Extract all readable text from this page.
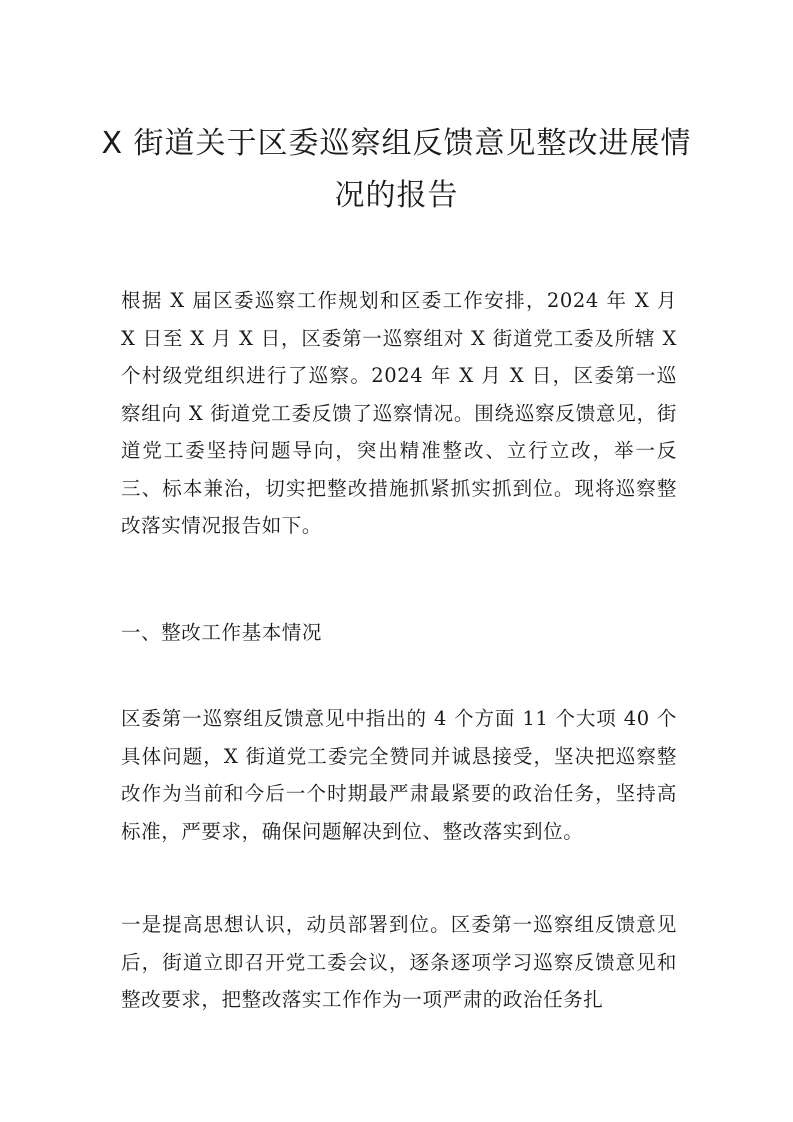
X 街道关于区委巡察组反馈意见整改进展情况的报告

根据 X 届区委巡察工作规划和区委工作安排，2024 年 X 月 X 日至 X 月 X 日，区委第一巡察组对 X 街道党工委及所辖 X 个村级党组织进行了巡察。2024 年 X 月 X 日，区委第一巡察组向 X 街道党工委反馈了巡察情况。围绕巡察反馈意见，街道党工委坚持问题导向，突出精准整改、立行立改，举一反三、标本兼治，切实把整改措施抓紧抓实抓到位。现将巡察整改落实情况报告如下。

一、整改工作基本情况

区委第一巡察组反馈意见中指出的 4 个方面 11 个大项 40 个具体问题，X 街道党工委完全赞同并诚恳接受，坚决把巡察整改作为当前和今后一个时期最严肃最紧要的政治任务，坚持高标准，严要求，确保问题解决到位、整改落实到位。

一是提高思想认识，动员部署到位。区委第一巡察组反馈意见后，街道立即召开党工委会议，逐条逐项学习巡察反馈意见和整改要求，把整改落实工作作为一项严肃的政治任务扎
